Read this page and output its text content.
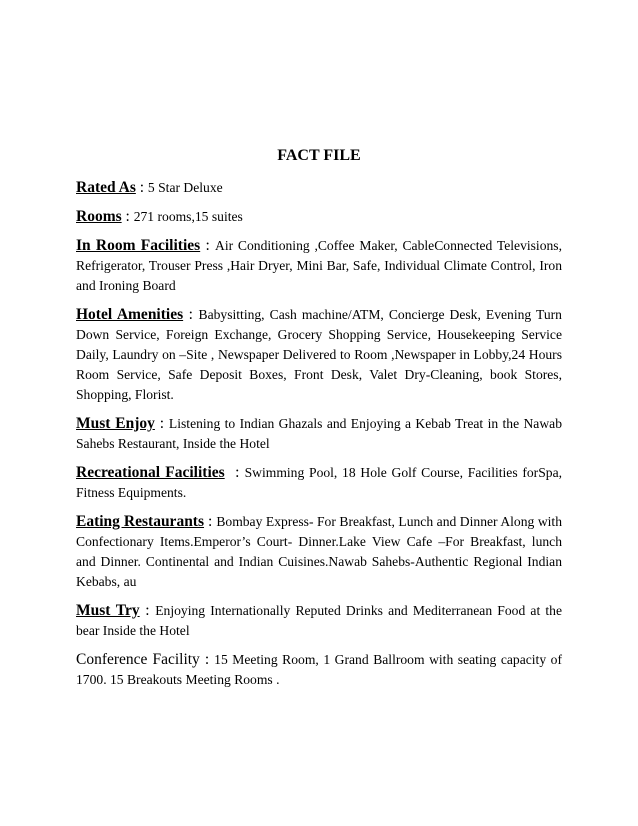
FACT FILE

Rated As : 5 Star Deluxe

Rooms : 271 rooms,15 suites

In Room Facilities : Air Conditioning ,Coffee Maker, CableConnected Televisions, Refrigerator, Trouser Press ,Hair Dryer, Mini Bar, Safe, Individual Climate Control, Iron and Ironing Board

Hotel Amenities : Babysitting, Cash machine/ATM, Concierge Desk, Evening Turn Down Service, Foreign Exchange, Grocery Shopping Service, Housekeeping Service Daily, Laundry on –Site , Newspaper Delivered to Room ,Newspaper in Lobby,24 Hours Room Service, Safe Deposit Boxes, Front Desk, Valet Dry-Cleaning, book Stores, Shopping, Florist.

Must Enjoy : Listening to Indian Ghazals and Enjoying a Kebab Treat in the Nawab Sahebs Restaurant, Inside the Hotel

Recreational Facilities  : Swimming Pool, 18 Hole Golf Course, Facilities forSpa, Fitness Equipments.

Eating Restaurants : Bombay Express- For Breakfast, Lunch and Dinner Along with Confectionary Items.Emperor’s Court- Dinner.Lake View Cafe –For Breakfast, lunch and Dinner. Continental and Indian Cuisines.Nawab Sahebs-Authentic Regional Indian Kebabs, au

Must Try : Enjoying Internationally Reputed Drinks and Mediterranean Food at the bear Inside the Hotel

Conference Facility : 15 Meeting Room, 1 Grand Ballroom with seating capacity of 1700. 15 Breakouts Meeting Rooms .
